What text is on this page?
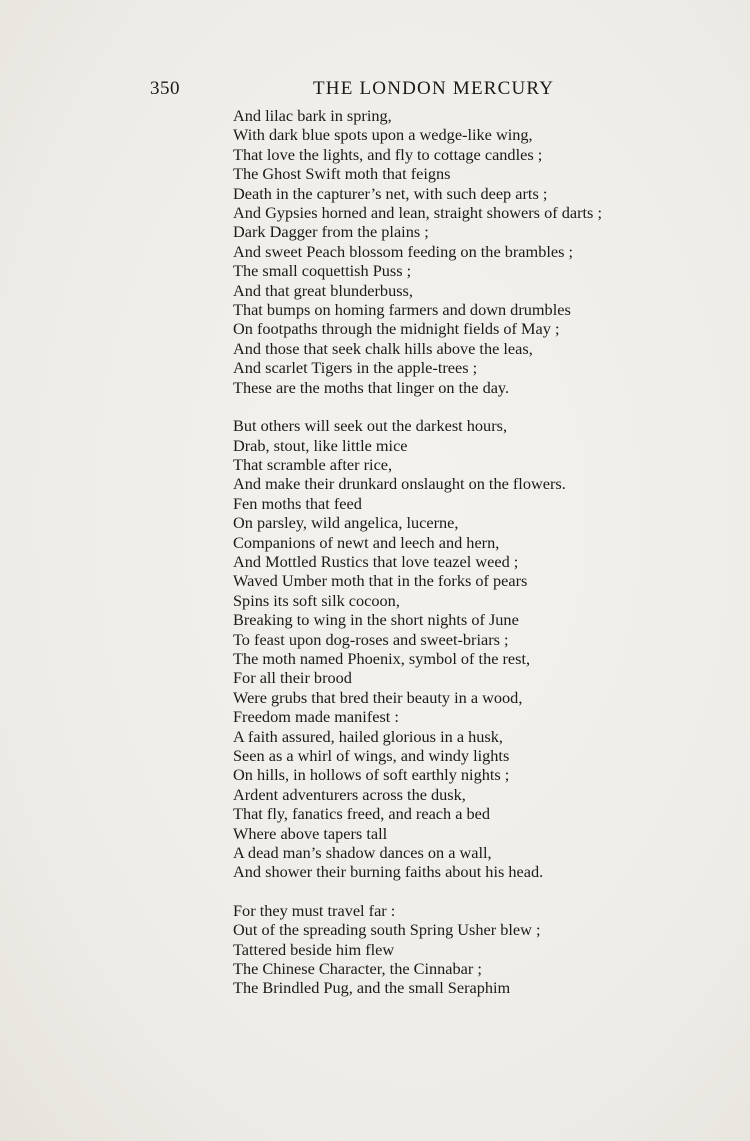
350	THE LONDON MERCURY
And lilac bark in spring,
With dark blue spots upon a wedge-like wing,
That love the lights, and fly to cottage candles ;
The Ghost Swift moth that feigns
Death in the capturer’s net, with such deep arts ;
And Gypsies horned and lean, straight showers of darts ;
Dark Dagger from the plains ;
And sweet Peach blossom feeding on the brambles ;
The small coquettish Puss ;
And that great blunderbuss,
That bumps on homing farmers and down drumbles
On footpaths through the midnight fields of May ;
And those that seek chalk hills above the leas,
And scarlet Tigers in the apple-trees ;
These are the moths that linger on the day.
But others will seek out the darkest hours,
Drab, stout, like little mice
That scramble after rice,
And make their drunkard onslaught on the flowers.
Fen moths that feed
On parsley, wild angelica, lucerne,
Companions of newt and leech and hern,
And Mottled Rustics that love teazel weed ;
Waved Umber moth that in the forks of pears
Spins its soft silk cocoon,
Breaking to wing in the short nights of June
To feast upon dog-roses and sweet-briars ;
The moth named Phoenix, symbol of the rest,
For all their brood
Were grubs that bred their beauty in a wood,
Freedom made manifest :
A faith assured, hailed glorious in a husk,
Seen as a whirl of wings, and windy lights
On hills, in hollows of soft earthly nights ;
Ardent adventurers across the dusk,
That fly, fanatics freed, and reach a bed
Where above tapers tall
A dead man’s shadow dances on a wall,
And shower their burning faiths about his head.
For they must travel far :
Out of the spreading south Spring Usher blew ;
Tattered beside him flew
The Chinese Character, the Cinnabar ;
The Brindled Pug, and the small Seraphim
